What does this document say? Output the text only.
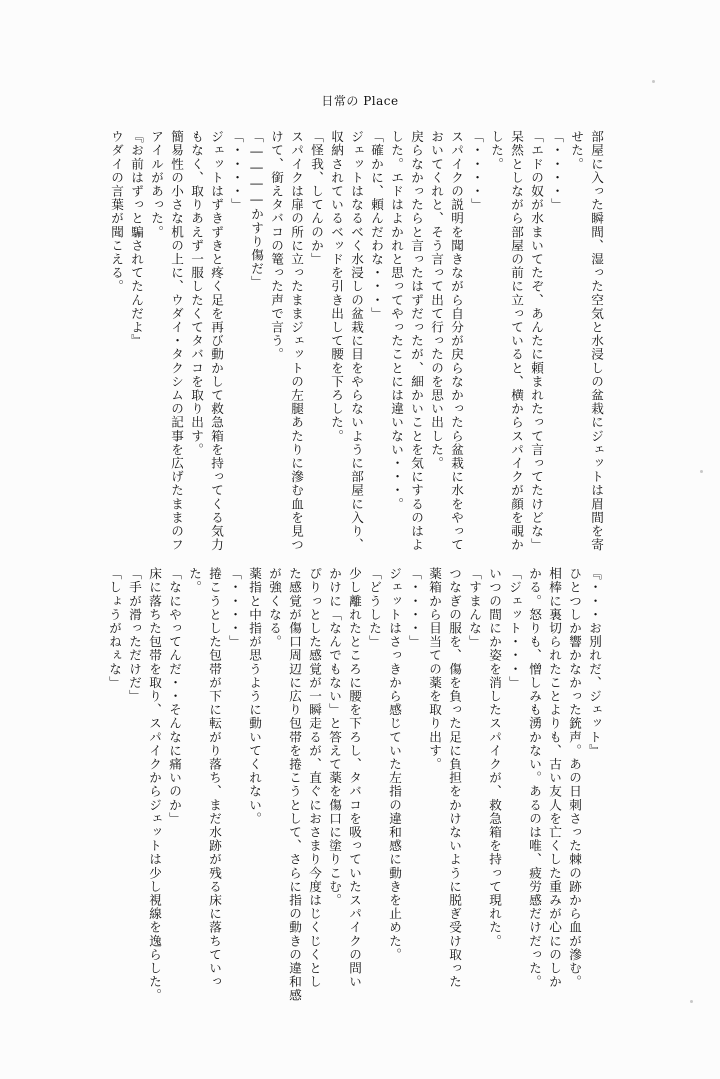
日常の Place
部屋に入った瞬間、湿った空気と水浸しの盆栽にジェットは眉間を寄
せた。
「・・・・」
「エドの奴が水まいてたぞ、あんたに頼まれたって言ってたけどな」
呆然としながら部屋の前に立っていると、横からスパイクが顔を覗か
した。
「・・・・」
スパイクの説明を聞きながら自分が戻らなかったら盆栽に水をやって
おいてくれと、そう言って出て行ったのを思い出した。
戻らなかったらと言ったはずだったが、細かいことを気にするのはよ
した。エドはよかれと思ってやったことには違いない・・・。
「確かに、頼んだわな・・・」
ジェットはなるべく水浸しの盆栽に目をやらないように部屋に入り、
収納されているベッドを引き出して腰を下ろした。
「怪我、してんのか」
スパイクは扉の所に立ったままジェットの左腿あたりに滲む血を見つ
けて、銜えタバコの篭った声で言う。
「――――かすり傷だ」
「・・・・」
ジェットはずきずきと疼く足を再び動かして救急箱を持ってくる気力
もなく、取りあえず一服したくてタバコを取り出す。
簡易性の小さな机の上に、ウダイ・タクシムの記事を広げたままのフ
アイルがあった。
『お前はずっと騙されてたんだよ』
ウダイの言葉が聞こえる。
『・・・お別れだ、ジェット』
ひとつしか響かなかった銃声。あの日刺さった棘の跡から血が滲む。
相棒に裏切られたことよりも、古い友人を亡くした重みが心にのしか
かる。怒りも、憎しみも湧かない。あるのは唯、疲労感だけだった。
「ジェット・・・」
いつの間にか姿を消したスパイクが、救急箱を持って現れた。
「すまんな」
つなぎの服を、傷を負った足に負担をかけないように脱ぎ受け取った
薬箱から目当ての薬を取り出す。
「・・・・」
ジェットはさっきから感じていた左指の違和感に動きを止めた。
「どうした」
少し離れたところに腰を下ろし、タバコを吸っていたスパイクの問い
かけに「なんでもない」と答えて薬を傷口に塗りこむ。
ぴりっとした感覚が一瞬走るが、直ぐにおさまり今度はじくじくとし
た感覚が傷口周辺に広り包帯を捲こうとして、さらに指の動きの違和感
が強くなる。
薬指と中指が思うように動いてくれない。
「・・・・」
捲こうとした包帯が下に転がり落ち、まだ水跡が残る床に落ちていっ
た。
「なにやってんだ・・そんなに痛いのか」
床に落ちた包帯を取り、スパイクからジェットは少し視線を逸らした。
「手が滑っただけだ」
「しょうがねぇな」
